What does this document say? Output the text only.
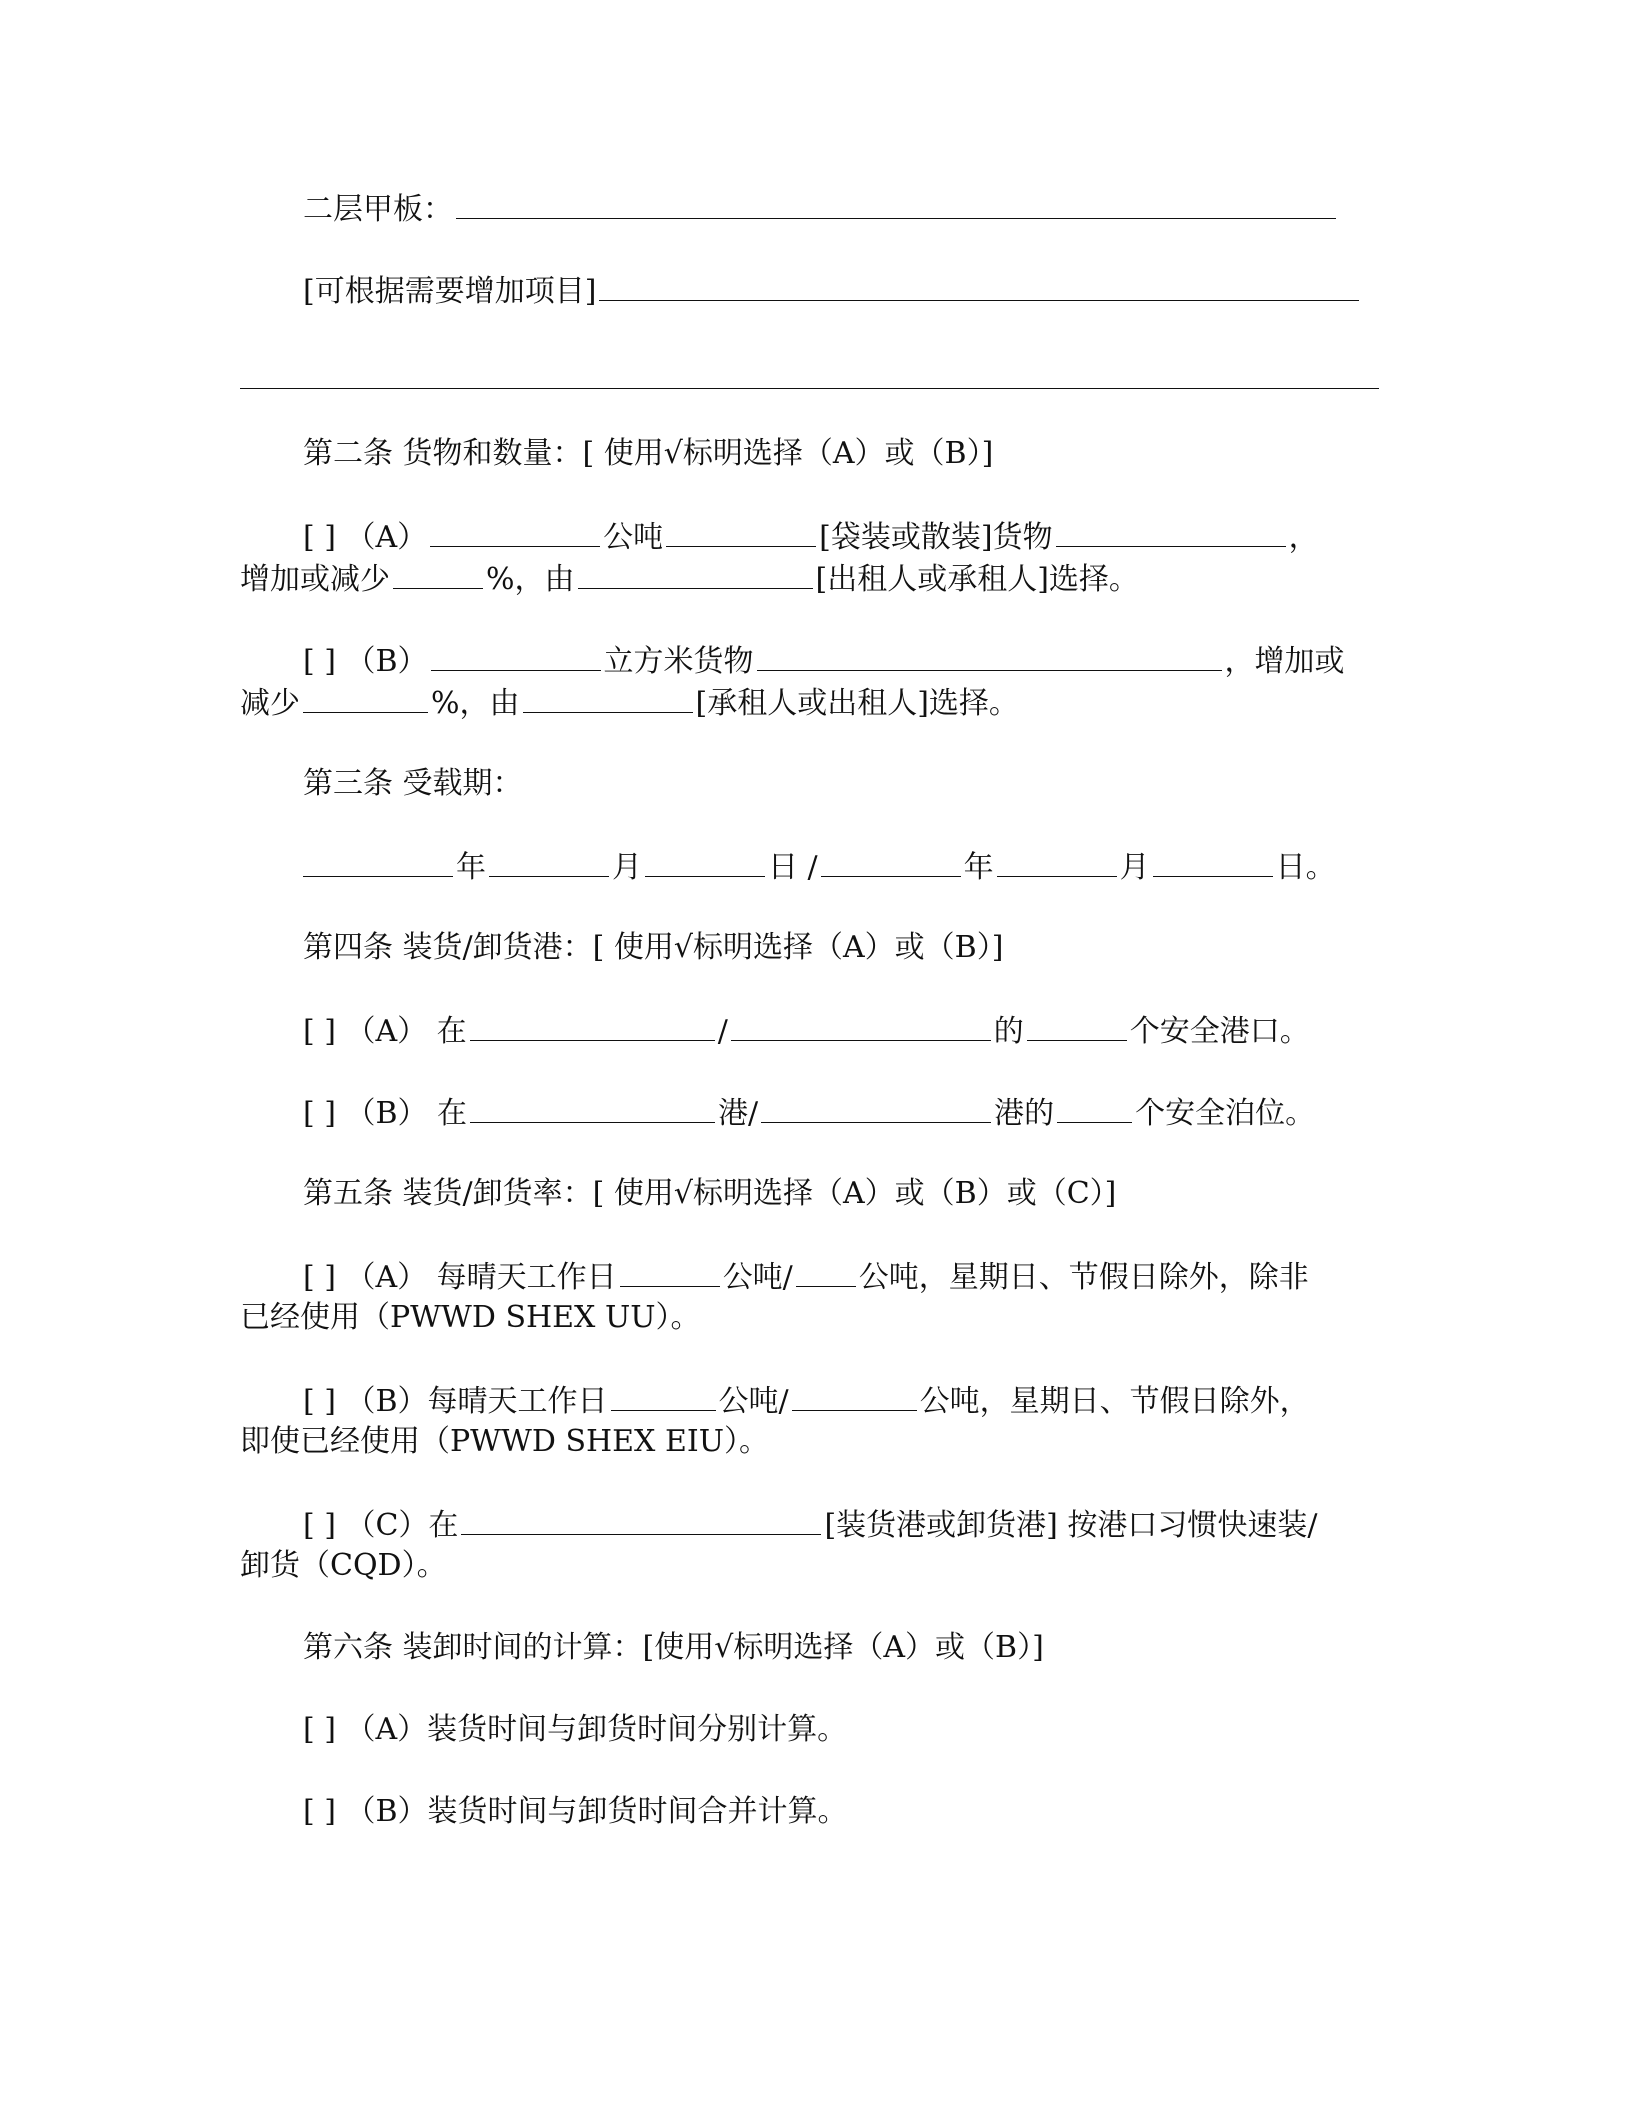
二层甲板：
[可根据需要增加项目]
第二条 货物和数量：[ 使用√标明选择（A）或（B）]
[ ] （A）	公吨	[袋装或散装]货物	，
增加或减少	%，由	[出租人或承租人]选择。
[ ] （B）	立方米货物	，增加或
减少	%，由	[承租人或出租人]选择。
第三条 受载期：
年	月	日 /	年	月	日。
第四条 装货/卸货港：[ 使用√标明选择（A）或（B）]
[ ] （A） 在	/	的	个安全港口。
[ ] （B） 在	港/	港的	个安全泊位。
第五条 装货/卸货率：[ 使用√标明选择（A）或（B）或（C）]
[ ] （A） 每晴天工作日	公吨/ 公吨，星期日、节假日除外，除非
已经使用（PWWD SHEX UU）。
[ ] （B）每晴天工作日	公吨/	公吨，星期日、节假日除外，
即使已经使用（PWWD SHEX EIU）。
[ ] （C）在	[装货港或卸货港] 按港口习惯快速装/
卸货（CQD）。
第六条 装卸时间的计算：[使用√标明选择（A）或（B）]
[ ] （A）装货时间与卸货时间分别计算。
[ ] （B）装货时间与卸货时间合并计算。
